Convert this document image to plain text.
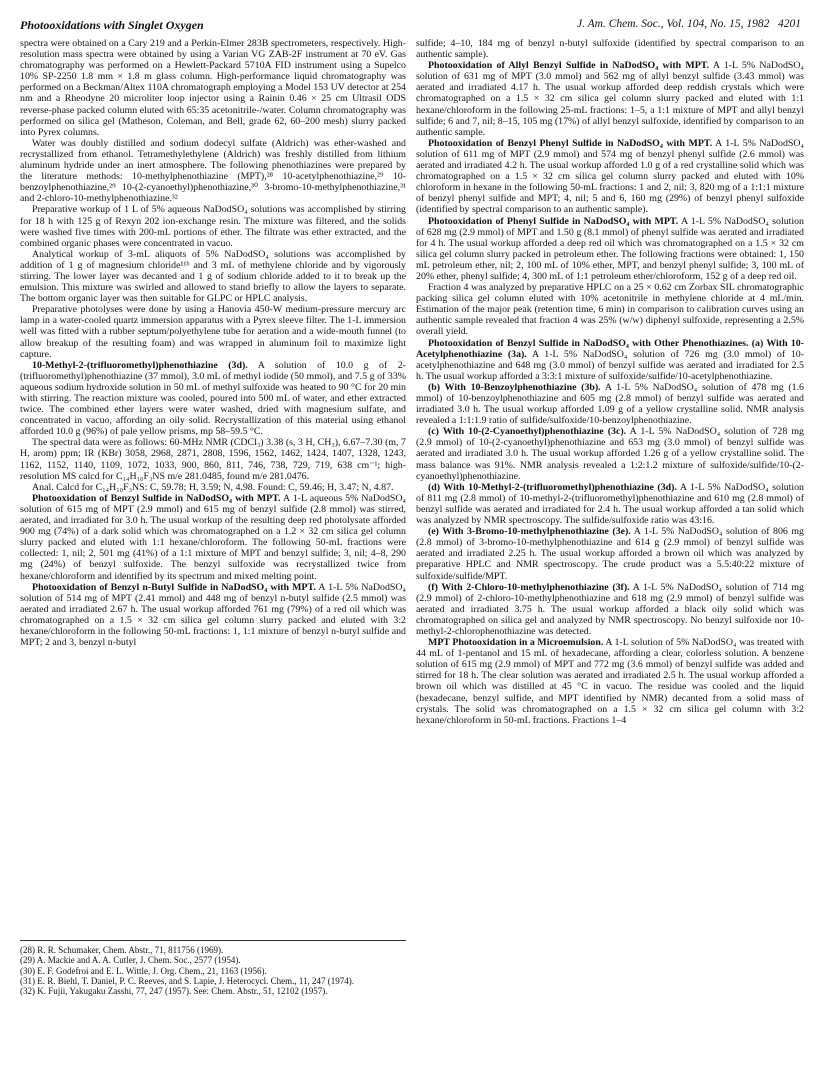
Photooxidations with Singlet Oxygen	J. Am. Chem. Soc., Vol. 104, No. 15, 1982 4201

spectra were obtained on a Cary 219 and a Perkin-Elmer 283B spectrometers, respectively. High-resolution mass spectra were obtained by using a Varian VG ZAB-2F instrument at 70 eV. Gas chromatography was performed on a Hewlett-Packard 5710A FID instrument using a Supelco 10% SP-2250 1.8 mm × 1.8 m glass column. High-performance liquid chromatography was performed on a Beckman/Altex 110A chromatograph employing a Model 153 UV detector at 254 nm and a Rheodyne 20 microliter loop injector using a Rainin 0.46 × 25 cm Ultrasil ODS reverse-phase packed column eluted with 65:35 acetonitrile-/water. Column chromatography was performed on silica gel (Matheson, Coleman, and Bell, grade 62, 60–200 mesh) slurry packed into Pyrex columns.

Water was doubly distilled and sodium dodecyl sulfate (Aldrich) was ether-washed and recrystallized from ethanol. Tetramethylethylene (Aldrich) was freshly distilled from lithium aluminum hydride under an inert atmosphere. The following phenothiazines were prepared by the literature methods: 10-methylphenothiazine (MPT),²⁸ 10-acetylphenothiazine,²⁹ 10-benzoylphenothiazine,²⁹ 10-(2-cyanoethyl)phenothiazine,³⁰ 3-bromo-10-methylphenothiazine,³¹ and 2-chloro-10-methylphenothiazine.³²

Preparative workup of 1 L of 5% aqueous NaDodSO₄ solutions was accomplished by stirring for 18 h with 125 g of Rexyn 202 ion-exchange resin. The mixture was filtered, and the solids were washed five times with 200-mL portions of ether. The filtrate was ether extracted, and the combined organic phases were concentrated in vacuo.

Analytical workup of 3-mL aliquots of 5% NaDodSO₄ solutions was accomplished by addition of 1 g of magnesium chloride¹¹ᵇ and 3 mL of methylene chloride and by vigorously stirring. The lower layer was decanted and 1 g of sodium chloride added to it to break up the emulsion. This mixture was swirled and allowed to stand briefly to allow the layers to separate. The bottom organic layer was then suitable for GLPC or HPLC analysis.

Preparative photolyses were done by using a Hanovia 450-W medium-pressure mercury arc lamp in a water-cooled quartz immersion apparatus with a Pyrex sleeve filter. The 1-L immersion well was fitted with a rubber septum/polyethylene tube for aeration and a wide-mouth funnel (to allow breakup of the resulting foam) and was wrapped in aluminum foil to maximize light capture.

10-Methyl-2-(trifluoromethyl)phenothiazine (3d). A solution of 10.0 g of 2-(trifluoromethyl)phenothiazine (37 mmol), 3.0 mL of methyl iodide (50 mmol), and 7.5 g of 33% aqueous sodium hydroxide solution in 50 mL of methyl sulfoxide was heated to 90 °C for 20 min with stirring. The reaction mixture was cooled, poured into 500 mL of water, and ether extracted twice. The combined ether layers were water washed, dried with magnesium sulfate, and concentrated in vacuo, affording an oily solid. Recrystallization of this material using ethanol afforded 10.0 g (96%) of pale yellow prisms, mp 58–59.5 °C.

The spectral data were as follows: 60-MHz NMR (CDCl₃) 3.38 (s, 3 H, CH₃), 6.67–7.30 (m, 7 H, arom) ppm; IR (KBr) 3058, 2968, 2871, 2808, 1596, 1562, 1462, 1424, 1407, 1328, 1243, 1162, 1152, 1140, 1109, 1072, 1033, 900, 860, 811, 746, 738, 729, 719, 638 cm⁻¹; high-resolution MS calcd for C₁₄H₁₀F₃NS m/e 281.0485, found m/e 281.0476.

Anal. Calcd for C₁₄H₁₀F₃NS: C, 59.78; H, 3.59; N, 4.98. Found: C, 59.46; H, 3.47; N, 4.87.

Photooxidation of Benzyl Sulfide in NaDodSO₄ with MPT. A 1-L aqueous 5% NaDodSO₄ solution of 615 mg of MPT (2.9 mmol) and 615 mg of benzyl sulfide (2.8 mmol) was stirred, aerated, and irradiated for 3.0 h. The usual workup of the resulting deep red photolysate afforded 900 mg (74%) of a dark solid which was chromatographed on a 1.2 × 32 cm silica gel column slurry packed and eluted with 1:1 hexane/chloroform. The following 50-mL fractions were collected: 1, nil; 2, 501 mg (41%) of a 1:1 mixture of MPT and benzyl sulfide; 3, nil; 4–8, 290 mg (24%) of benzyl sulfoxide. The benzyl sulfoxide was recrystallized twice from hexane/chloroform and identified by its spectrum and mixed melting point.

Photooxidation of Benzyl n-Butyl Sulfide in NaDodSO₄ with MPT. A 1-L 5% NaDodSO₄ solution of 514 mg of MPT (2.41 mmol) and 448 mg of benzyl n-butyl sulfide (2.5 mmol) was aerated and irradiated 2.67 h. The usual workup afforded 761 mg (79%) of a red oil which was chromatographed on a 1.5 × 32 cm silica gel column slurry packed and eluted with 3:2 hexane/chloroform in the following 50-mL fractions: 1, 1:1 mixture of benzyl n-butyl sulfide and MPT; 2 and 3, benzyl n-butyl

sulfide; 4–10, 184 mg of benzyl n-butyl sulfoxide (identified by spectral comparison to an authentic sample).

Photooxidation of Allyl Benzyl Sulfide in NaDodSO₄ with MPT. A 1-L 5% NaDodSO₄ solution of 631 mg of MPT (3.0 mmol) and 562 mg of allyl benzyl sulfide (3.43 mmol) was aerated and irradiated 4.17 h. The usual workup afforded deep reddish crystals which were chromatographed on a 1.5 × 32 cm silica gel column slurry packed and eluted with 1:1 hexane/chloroform in the following 25-mL fractions: 1–5, a 1:1 mixture of MPT and allyl benzyl sulfide; 6 and 7, nil; 8–15, 105 mg (17%) of allyl benzyl sulfoxide, identified by comparison to an authentic sample.

Photooxidation of Benzyl Phenyl Sulfide in NaDodSO₄ with MPT. A 1-L 5% NaDodSO₄ solution of 611 mg of MPT (2.9 mmol) and 574 mg of benzyl phenyl sulfide (2.6 mmol) was aerated and irradiated 4.2 h. The usual workup afforded 1.0 g of a red crystalline solid which was chromatographed on a 1.5 × 32 cm silica gel column slurry packed and eluted with 10% chloroform in hexane in the following 50-mL fractions: 1 and 2, nil; 3, 820 mg of a 1:1:1 mixture of benzyl phenyl sulfide and MPT; 4, nil; 5 and 6, 160 mg (29%) of benzyl phenyl sulfoxide (identified by spectral comparison to an authentic sample).

Photooxidation of Phenyl Sulfide in NaDodSO₄ with MPT. A 1-L 5% NaDodSO₄ solution of 628 mg (2.9 mmol) of MPT and 1.50 g (8.1 mmol) of phenyl sulfide was aerated and irradiated for 4 h. The usual workup afforded a deep red oil which was chromatographed on a 1.5 × 32 cm silica gel column slurry packed in petroleum ether. The following fractions were obtained: 1, 150 mL petroleum ether, nil; 2, 100 mL of 10% ether, MPT, and benzyl phenyl sulfide; 3, 100 mL of 20% ether, phenyl sulfide; 4, 300 mL of 1:1 petroleum ether/chloroform, 152 g of a deep red oil.

Fraction 4 was analyzed by preparative HPLC on a 25 × 0.62 cm Zorbax SIL chromatographic packing silica gel column eluted with 10% acetonitrile in methylene chloride at 4 mL/min. Estimation of the major peak (retention time, 6 min) in comparison to calibration curves using an authentic sample revealed that fraction 4 was 25% (w/w) diphenyl sulfoxide, representing a 2.5% overall yield.

Photooxidation of Benzyl Sulfide in NaDodSO₄ with Other Phenothiazines. (a) With 10-Acetylphenothiazine (3a). A 1-L 5% NaDodSO₄ solution of 726 mg (3.0 mmol) of 10-acetylphenothiazine and 648 mg (3.0 mmol) of benzyl sulfide was aerated and irradiated for 2.5 h. The usual workup afforded a 3:3:1 mixture of sulfoxide/sulfide/10-acetylphenothiazine.

(b) With 10-Benzoylphenothiazine (3b). A 1-L 5% NaDodSO₄ solution of 478 mg (1.6 mmol) of 10-benzoylphenothiazine and 605 mg (2.8 mmol) of benzyl sulfide was aerated and irradiated 3.0 h. The usual workup afforded 1.09 g of a yellow crystalline solid. NMR analysis revealed a 1:1:1.9 ratio of sulfide/sulfoxide/10-benzoylphenothiazine.

(c) With 10-(2-Cyanoethyl)phenothiazine (3c). A 1-L 5% NaDodSO₄ solution of 728 mg (2.9 mmol) of 10-(2-cyanoethyl)phenothiazine and 653 mg (3.0 mmol) of benzyl sulfide was aerated and irradiated 3.0 h. The usual workup afforded 1.26 g of a yellow crystalline solid. The mass balance was 91%. NMR analysis revealed a 1:2:1.2 mixture of sulfoxide/sulfide/10-(2-cyanoethyl)phenothiazine.

(d) With 10-Methyl-2-(trifluoromethyl)phenothiazine (3d). A 1-L 5% NaDodSO₄ solution of 811 mg (2.8 mmol) of 10-methyl-2-(trifluoromethyl)phenothiazine and 610 mg (2.8 mmol) of benzyl sulfide was aerated and irradiated for 2.4 h. The usual workup afforded a tan solid which was analyzed by NMR spectroscopy. The sulfide/sulfoxide ratio was 43:16.

(e) With 3-Bromo-10-methylphenothiazine (3e). A 1-L 5% NaDodSO₄ solution of 806 mg (2.8 mmol) of 3-bromo-10-methylphenothiazine and 614 g (2.9 mmol) of benzyl sulfide was aerated and irradiated 2.25 h. The usual workup afforded a brown oil which was analyzed by preparative HPLC and NMR spectroscopy. The crude product was a 5.5:40:22 mixture of sulfoxide/sulfide/MPT.

(f) With 2-Chloro-10-methylphenothiazine (3f). A 1-L 5% NaDodSO₄ solution of 714 mg (2.9 mmol) of 2-chloro-10-methylphenothiazine and 618 mg (2.9 mmol) of benzyl sulfide was aerated and irradiated 3.75 h. The usual workup afforded a black oily solid which was chromatographed on silica gel and analyzed by NMR spectroscopy. No benzyl sulfoxide nor 10-methyl-2-chlorophenothiazine was detected.

MPT Photooxidation in a Microemulsion. A 1-L solution of 5% NaDodSO₄ was treated with 44 mL of 1-pentanol and 15 mL of hexadecane, affording a clear, colorless solution. A benzene solution of 615 mg (2.9 mmol) of MPT and 772 mg (3.6 mmol) of benzyl sulfide was added and stirred for 18 h. The clear solution was aerated and irradiated 2.5 h. The usual workup afforded a brown oil which was distilled at 45 °C in vacuo. The residue was cooled and the liquid (hexadecane, benzyl sulfide, and MPT identified by NMR) decanted from a solid mass of crystals. The solid was chromatographed on a 1.5 × 32 cm silica gel column with 3:2 hexane/chloroform in 50-mL fractions. Fractions 1–4

(28) R. R. Schumaker, Chem. Abstr., 71, 811756 (1969).

(29) A. Mackie and A. A. Cutler, J. Chem. Soc., 2577 (1954).

(30) E. F. Godefroi and E. L. Wittle, J. Org. Chem., 21, 1163 (1956).

(31) E. R. Biehl, T. Daniel, P. C. Reeves, and S. Lapie, J. Heterocycl. Chem., 11, 247 (1974).

(32) K. Fujii, Yakugaku Zasshi, 77, 247 (1957). See: Chem. Abstr., 51, 12102 (1957).
